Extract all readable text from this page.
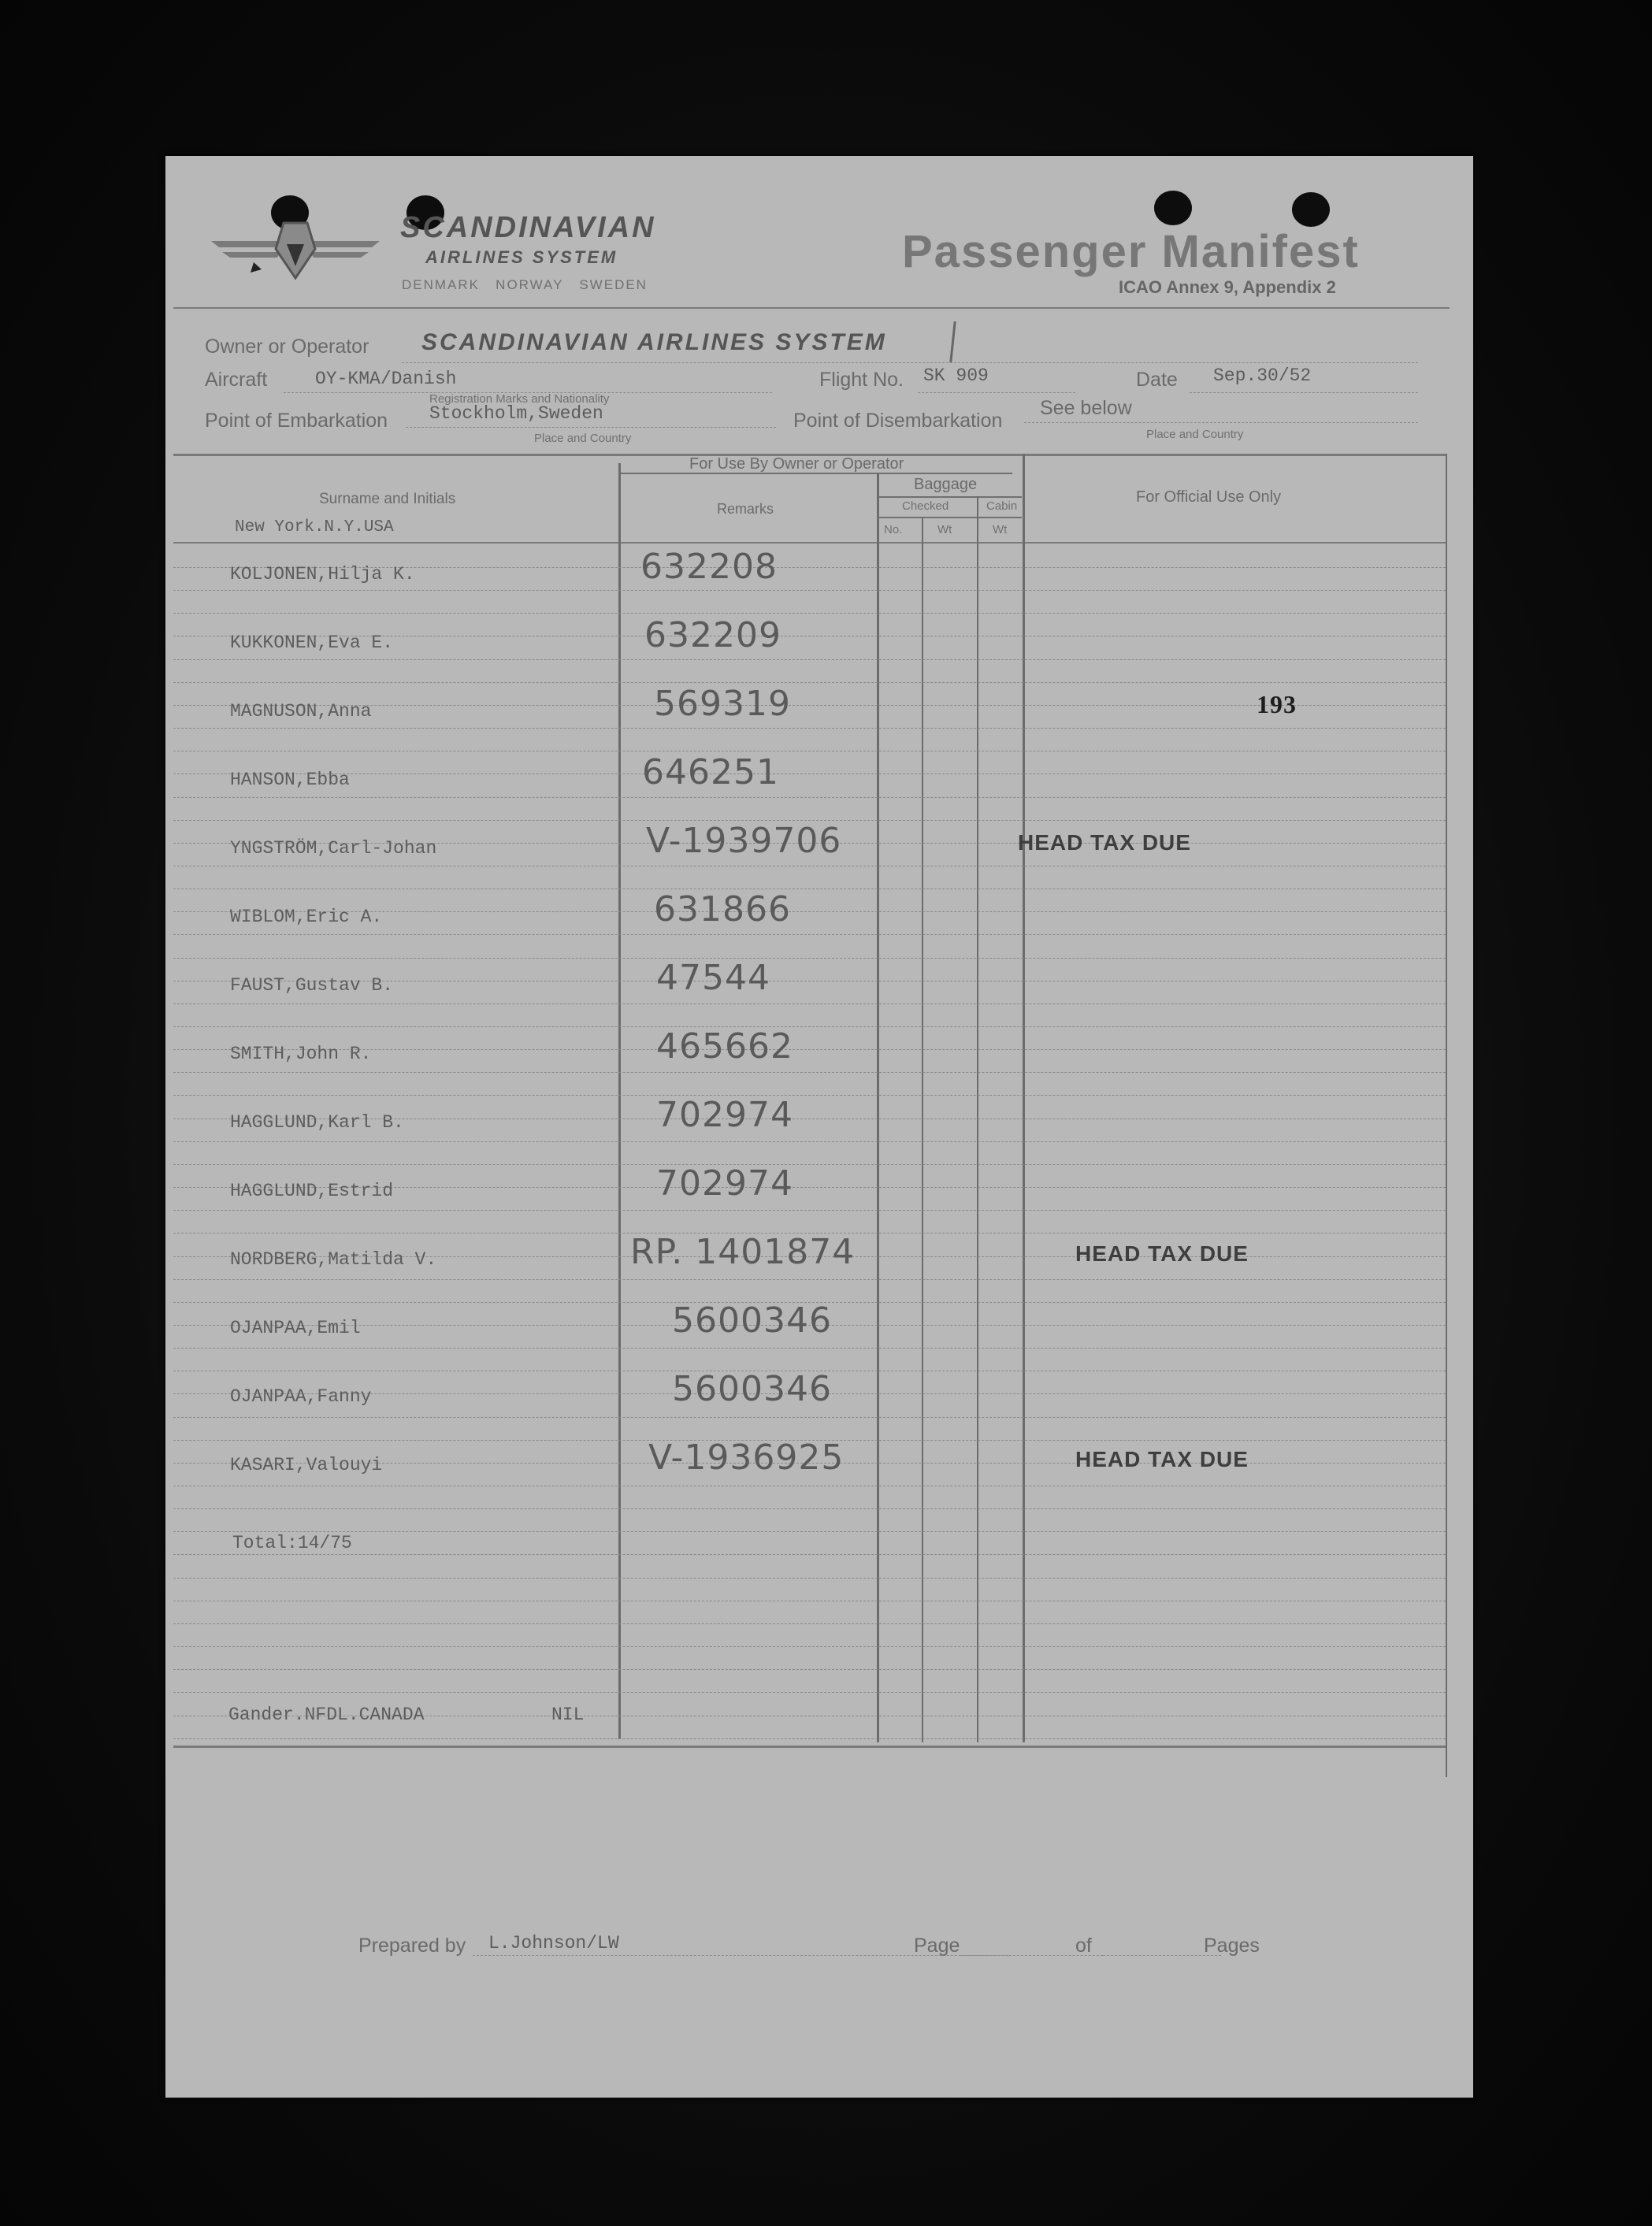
SCANDINAVIAN
AIRLINES SYSTEM
DENMARK   NORWAY   SWEDEN
Passenger Manifest
ICAO Annex 9, Appendix 2
Owner or Operator SCANDINAVIAN AIRLINES SYSTEM
Aircraft	OY-KMA/Danish
Registration Marks and Nationality
Flight No. SK 909	Date Sep.30/52
Point of Embarkation Stockholm,Sweden
Place and Country
Point of Disembarkation
See below
Place and Country
For Use By Owner or Operator
Surname and Initials
New York.N.Y.USA
Remarks
Baggage
Checked	Cabin
No.	Wt	Wt
For Official Use Only
KOLJONEN,Hilja K.	632208
KUKKONEN,Eva E.	632209
MAGNUSON,Anna	569319	193
HANSON,Ebba	646251
YNGSTRÖM,Carl-Johan	V-1939706	HEAD TAX DUE
WIBLOM,Eric A.	631866
FAUST,Gustav B.	47544
SMITH,John R.	465662
HAGGLUND,Karl B.	702974
HAGGLUND,Estrid	702974
NORDBERG,Matilda V.	RP. 1401874	HEAD TAX DUE
OJANPAA,Emil	5600346
OJANPAA,Fanny	5600346
KASARI,Valouyi	V-1936925	HEAD TAX DUE
Total:14/75
Gander.NFDL.CANADA	NIL
Prepared by L.Johnson/LW	Page	of	Pages
